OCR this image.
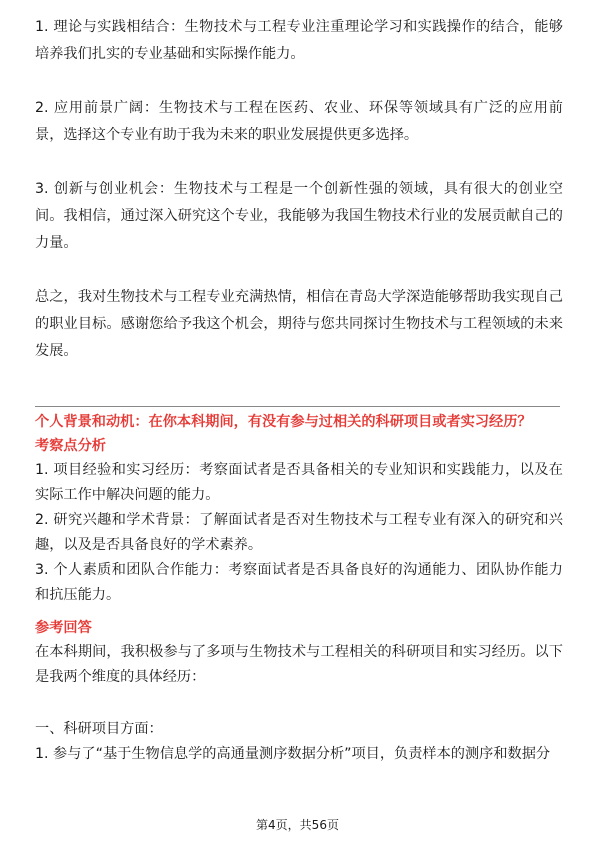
1. 理论与实践相结合：生物技术与工程专业注重理论学习和实践操作的结合，能够培养我们扎实的专业基础和实际操作能力。

2. 应用前景广阔：生物技术与工程在医药、农业、环保等领域具有广泛的应用前景，选择这个专业有助于我为未来的职业发展提供更多选择。

3. 创新与创业机会：生物技术与工程是一个创新性强的领域，具有很大的创业空间。我相信，通过深入研究这个专业，我能够为我国生物技术行业的发展贡献自己的力量。

总之，我对生物技术与工程专业充满热情，相信在青岛大学深造能够帮助我实现自己的职业目标。感谢您给予我这个机会，期待与您共同探讨生物技术与工程领域的未来发展。

个人背景和动机：在你本科期间，有没有参与过相关的科研项目或者实习经历？

考察点分析

1. 项目经验和实习经历：考察面试者是否具备相关的专业知识和实践能力，以及在实际工作中解决问题的能力。

2. 研究兴趣和学术背景：了解面试者是否对生物技术与工程专业有深入的研究和兴趣，以及是否具备良好的学术素养。

3. 个人素质和团队合作能力：考察面试者是否具备良好的沟通能力、团队协作能力和抗压能力。

参考回答

在本科期间，我积极参与了多项与生物技术与工程相关的科研项目和实习经历。以下是我两个维度的具体经历：

一、科研项目方面：

1. 参与了“基于生物信息学的高通量测序数据分析”项目，负责样本的测序和数据分

第4页，共56页
